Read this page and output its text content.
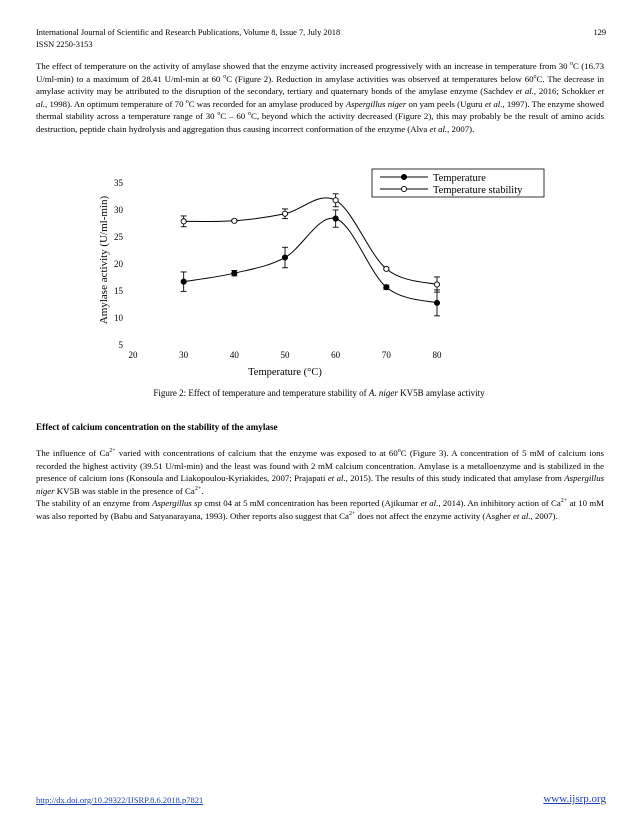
International Journal of Scientific and Research Publications, Volume 8, Issue 7, July 2018
ISSN 2250-3153
129
The effect of temperature on the activity of amylase showed that the enzyme activity increased progressively with an increase in temperature from 30 $^o$C (16.73 U/ml-min) to a maximum of 28.41 U/ml-min at 60 $^o$C (Figure 2). Reduction in amylase activities was observed at temperatures below 60$^o$C. The decrease in amylase activity may be attributed to the disruption of the secondary, tertiary and quaternary bonds of the amylase enzyme (Sachdev et al., 2016; Schokker et al., 1998). An optimum temperature of 70 $^o$C was recorded for an amylase produced by Aspergillus niger on yam peels (Uguru et al., 1997). The enzyme showed thermal stability across a temperature range of 30 $^o$C – 60 $^o$C, beyond which the activity decreased (Figure 2), this may probably be the result of amino acids destruction, peptide chain hydrolysis and aggregation thus causing incorrect conformation of the enzyme (Alva et al., 2007).
20	30	40	50	60	70	80
5
10
15
20
25
30
35	Temperature
Temperature stability
Amylase activity (U/ml-min)
Temperature (°C)
Figure 2: Effect of temperature and temperature stability of A. niger KV5B amylase activity
Effect of calcium concentration on the stability of the amylase
The influence of $Ca^{2+}$ varied with concentrations of calcium that the enzyme was exposed to at 60$^o$C (Figure 3). A concentration of 5 mM of calcium ions recorded the highest activity (39.51 U/ml-min) and the least was found with 2 mM calcium concentration. Amylase is a metalloenzyme and is stabilized in the presence of calcium ions (Konsoula and Liakopoulou-Kyriakides, 2007; Prajapati et al., 2015). The results of this study indicated that amylase from Aspergillus niger KV5B was stable in the presence of $Ca^{2+}$.
The stability of an enzyme from Aspergillus sp cmst 04 at 5 mM concentration has been reported (Ajikumar et al., 2014). An inhibitory action of $Ca^{2+}$ at 10 mM was also reported by (Babu and Satyanarayana, 1993). Other reports also suggest that $Ca^{2+}$ does not affect the enzyme activity (Asgher et al., 2007).
http://dx.doi.org/10.29322/IJSRP.8.6.2018.p7821	www.ijsrp.org
